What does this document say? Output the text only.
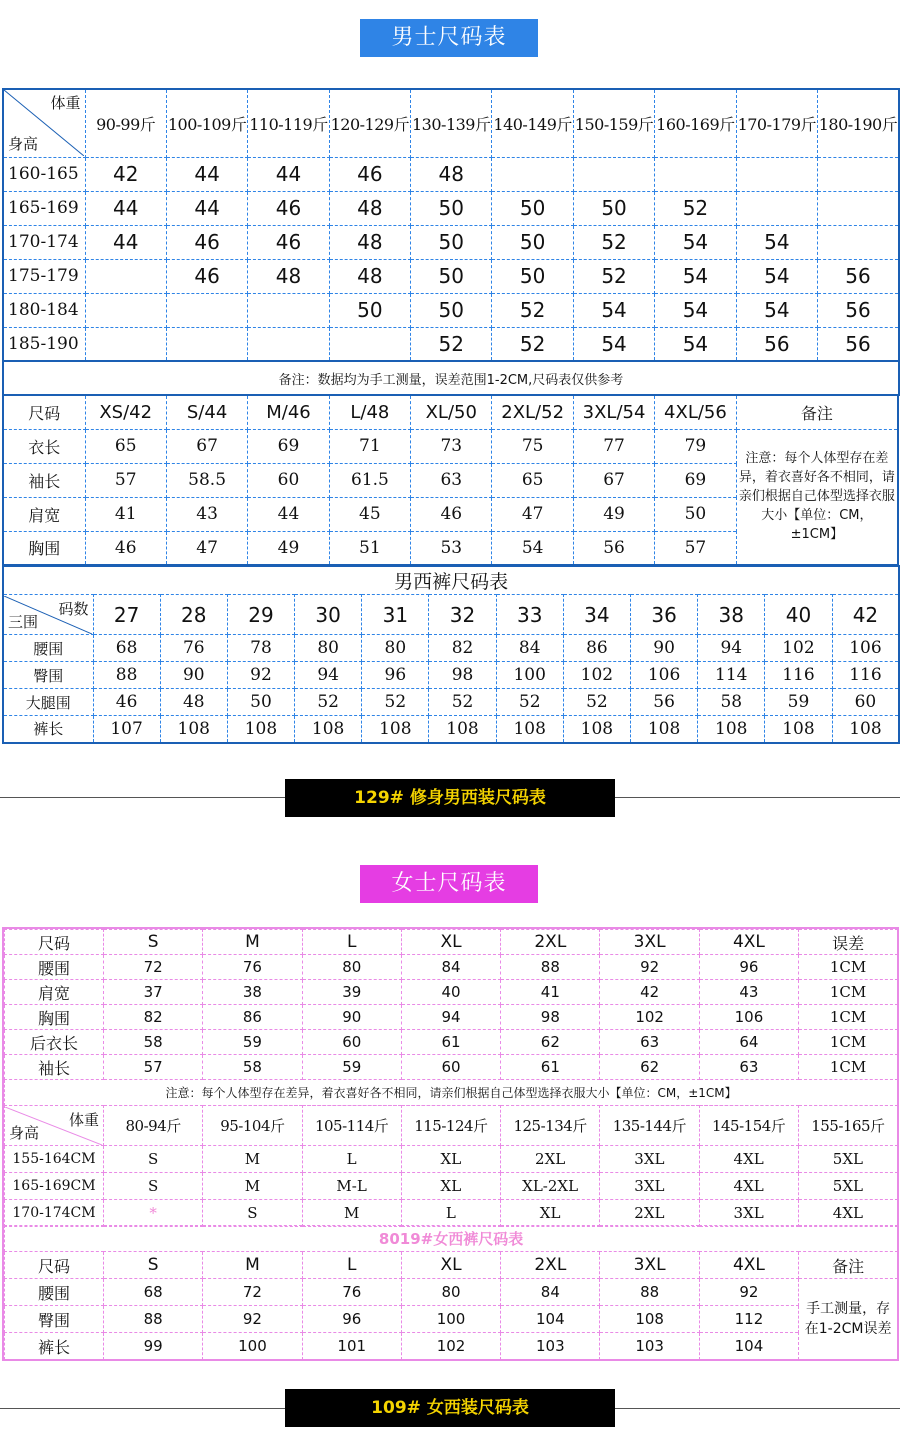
男士尺码表
女士尺码表
体重
身高	90-99斤	100-109斤	110-119斤	120-129斤	130-139斤	140-149斤	150-159斤	160-169斤	170-179斤	180-190斤
160-165	42	44	44	46	48					
165-169	44	44	46	48	50	50	50	52		
170-174	44	46	46	48	50	50	52	54	54	
175-179		46	48	48	50	50	52	54	54	56
180-184				50	50	52	54	54	54	56
185-190					52	52	54	54	56	56
备注：数据均为手工测量，误差范围1-2CM,尺码表仅供参考										
尺码	XS/42	S/44	M/46	L/48	XL/50	2XL/52	3XL/54	4XL/56	备注
衣长	65	67	69	71	73	75	77	79	注意：每个人体型存在差异，着衣喜好各不相同，请亲们根据自己体型选择衣服大小【单位：CM，±1CM】
袖长	57	58.5	60	61.5	63	65	67	69	
肩宽	41	43	44	45	46	47	49	50	
胸围	46	47	49	51	53	54	56	57	
男西裤尺码表												

码数
三围	27	28	29	30	31	32	33	34	36	38	40	42
腰围	68	76	78	80	80	82	84	86	90	94	102	106
臀围	88	90	92	94	96	98	100	102	106	114	116	116
大腿围	46	48	50	52	52	52	52	52	56	58	59	60
裤长	107	108	108	108	108	108	108	108	108	108	108	108
129# 修身男西装尺码表
尺码	S	M	L	XL	2XL	3XL	4XL	误差
腰围	72	76	80	84	88	92	96	1CM
肩宽	37	38	39	40	41	42	43	1CM
胸围	82	86	90	94	98	102	106	1CM
后衣长	58	59	60	61	62	63	64	1CM
袖长	57	58	59	60	61	62	63	1CM
注意：每个人体型存在差异，着衣喜好各不相同，请亲们根据自己体型选择衣服大小【单位：CM，±1CM】								
体重
身高	80-94斤	95-104斤	105-114斤	115-124斤	125-134斤	135-144斤	145-154斤	155-165斤
155-164CM	S	M	L	XL	2XL	3XL	4XL	5XL
165-169CM	S	M	M-L	XL	XL-2XL	3XL	4XL	5XL
170-174CM	*	S	M	L	XL	2XL	3XL	4XL
8019#女西裤尺码表								
尺码	S	M	L	XL	2XL	3XL	4XL	备注
腰围	68	72	76	80	84	88	92	手工测量，存在1-2CM误差
臀围	88	92	96	100	104	108	112	
裤长	99	100	101	102	103	103	104	
109# 女西装尺码表
